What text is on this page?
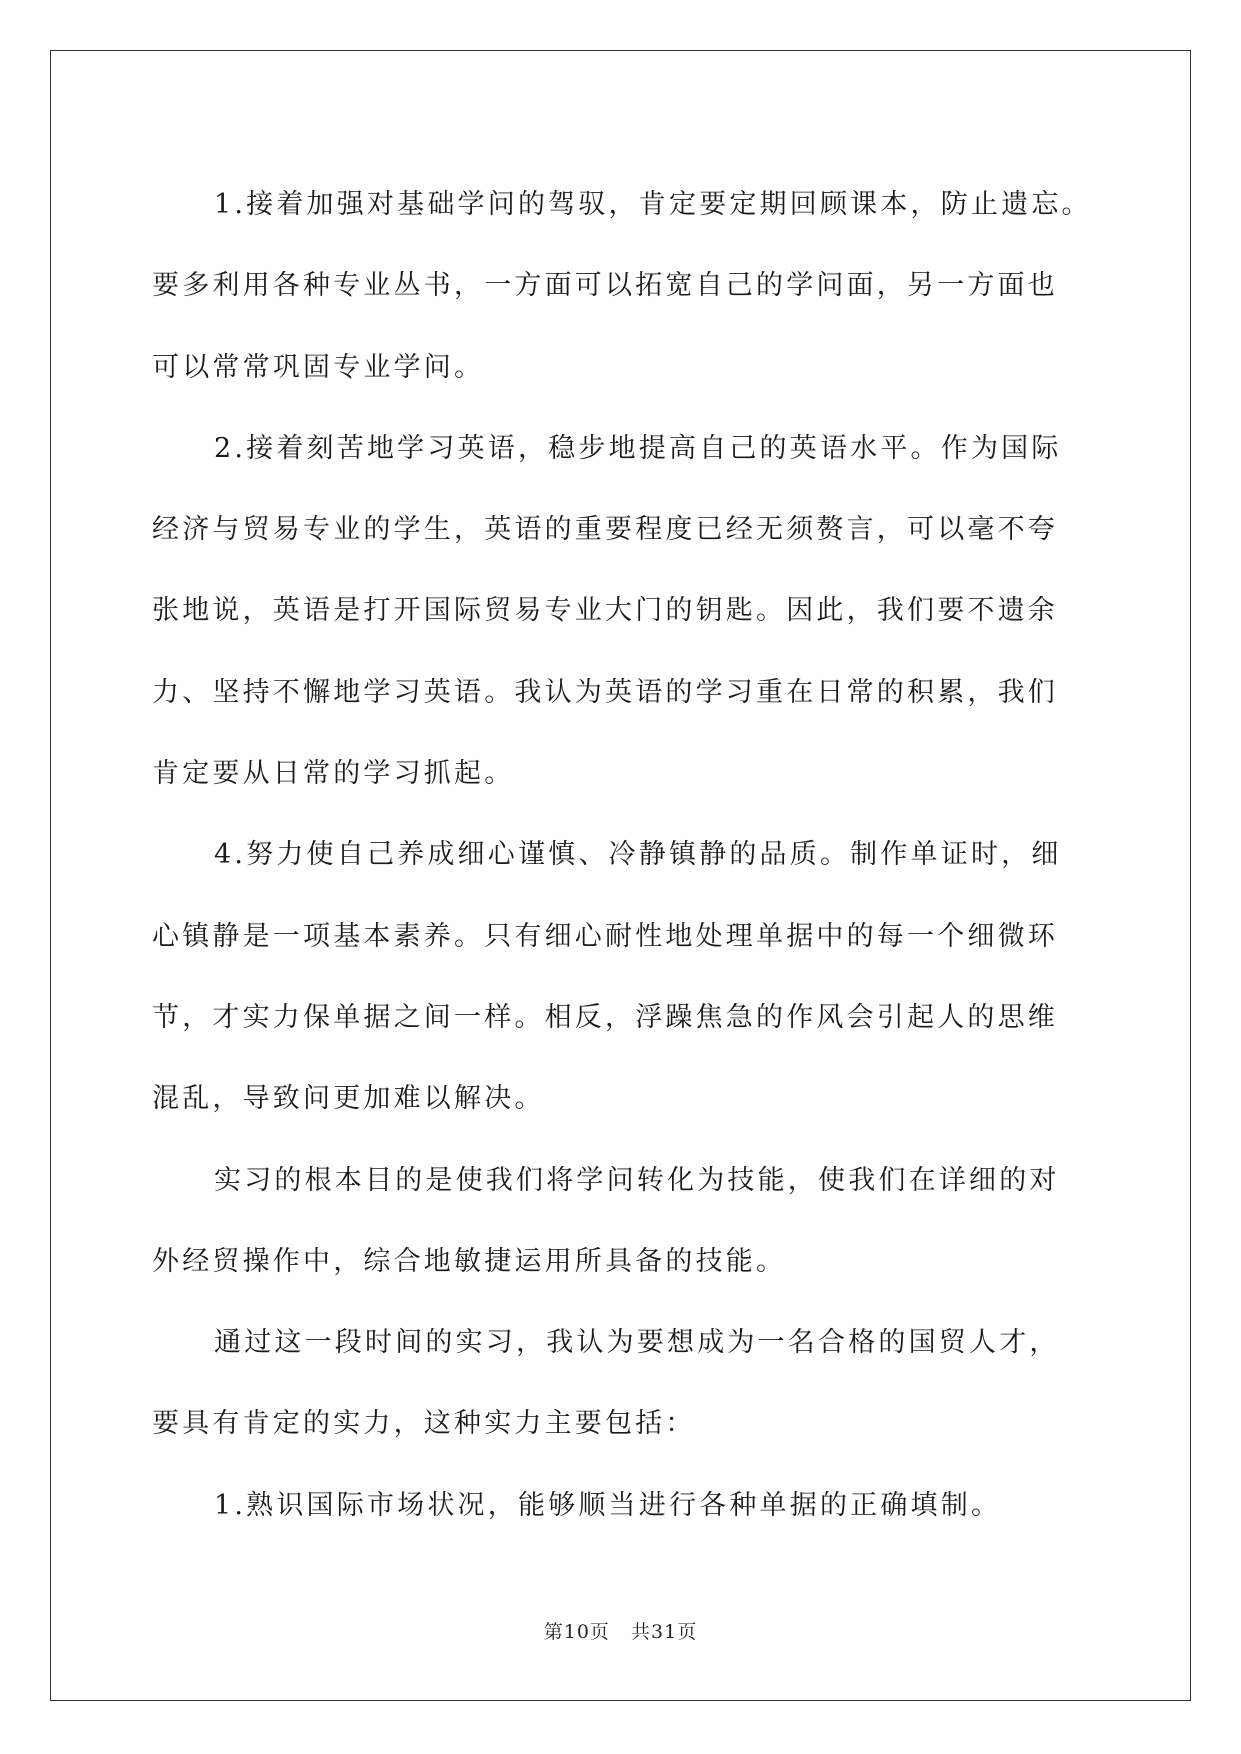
1.接着加强对基础学问的驾驭，肯定要定期回顾课本，防止遗忘。
要多利用各种专业丛书，一方面可以拓宽自己的学问面，另一方面也
可以常常巩固专业学问。

2.接着刻苦地学习英语，稳步地提高自己的英语水平。作为国际
经济与贸易专业的学生，英语的重要程度已经无须赘言，可以毫不夸
张地说，英语是打开国际贸易专业大门的钥匙。因此，我们要不遗余
力、坚持不懈地学习英语。我认为英语的学习重在日常的积累，我们
肯定要从日常的学习抓起。

4.努力使自己养成细心谨慎、冷静镇静的品质。制作单证时，细
心镇静是一项基本素养。只有细心耐性地处理单据中的每一个细微环
节，才实力保单据之间一样。相反，浮躁焦急的作风会引起人的思维
混乱，导致问更加难以解决。

实习的根本目的是使我们将学问转化为技能，使我们在详细的对
外经贸操作中，综合地敏捷运用所具备的技能。

通过这一段时间的实习，我认为要想成为一名合格的国贸人才，
要具有肯定的实力，这种实力主要包括：

1.熟识国际市场状况，能够顺当进行各种单据的正确填制。

第10页   共31页
